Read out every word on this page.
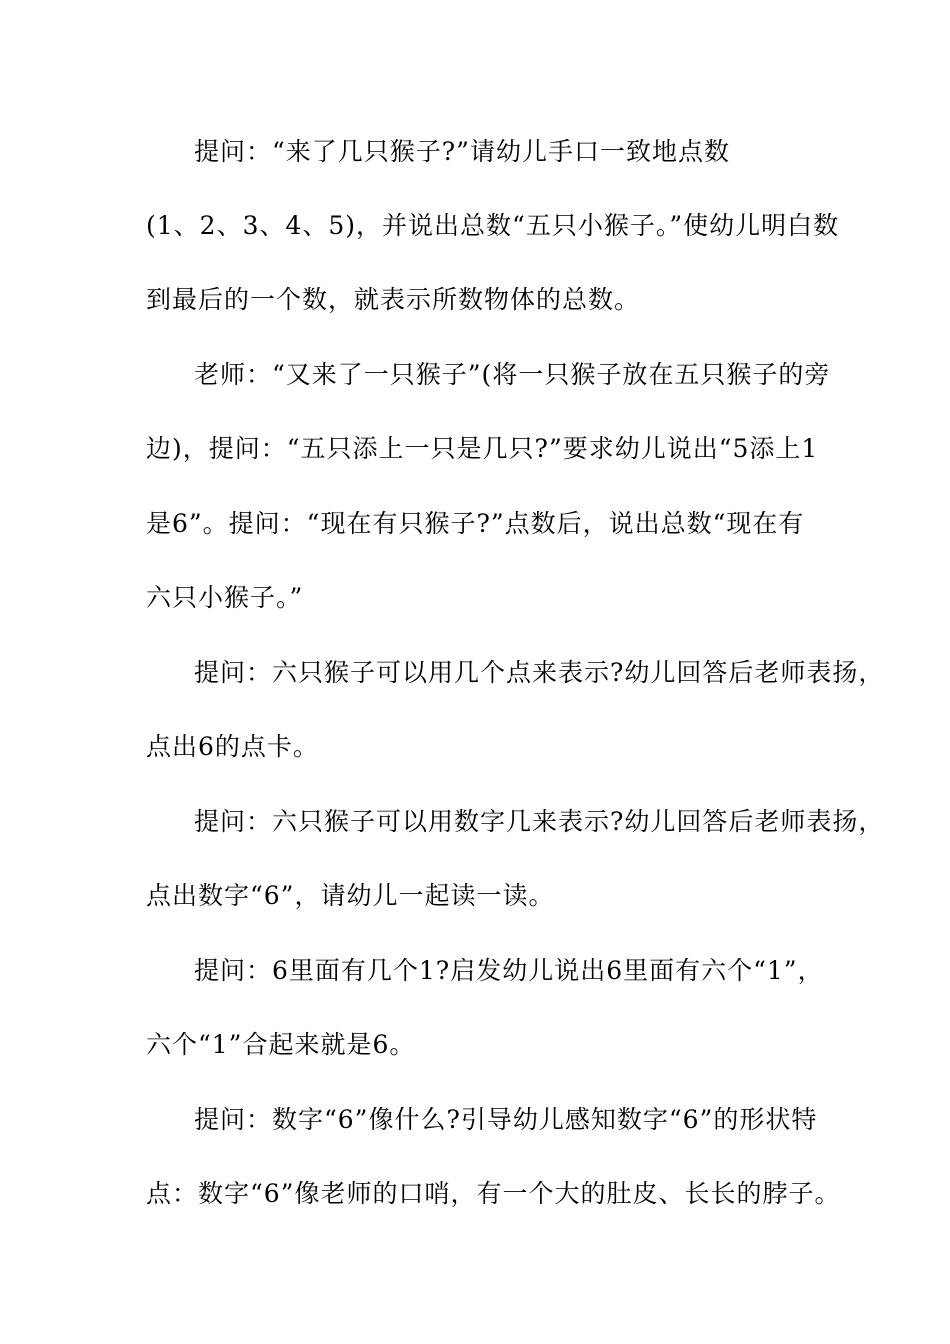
提问：“来了几只猴子?”请幼儿手口一致地点数
(1、2、3、4、5)，并说出总数“五只小猴子。”使幼儿明白数
到最后的一个数，就表示所数物体的总数。
老师：“又来了一只猴子”(将一只猴子放在五只猴子的旁
边)，提问：“五只添上一只是几只?”要求幼儿说出“5添上1
是6”。提问：“现在有只猴子?”点数后，说出总数“现在有
六只小猴子。”
提问：六只猴子可以用几个点来表示?幼儿回答后老师表扬，
点出6的点卡。
提问：六只猴子可以用数字几来表示?幼儿回答后老师表扬，
点出数字“6”，请幼儿一起读一读。
提问：6里面有几个1?启发幼儿说出6里面有六个“1”，
六个“1”合起来就是6。
提问：数字“6”像什么?引导幼儿感知数字“6”的形状特
点：数字“6”像老师的口哨，有一个大的肚皮、长长的脖子。
